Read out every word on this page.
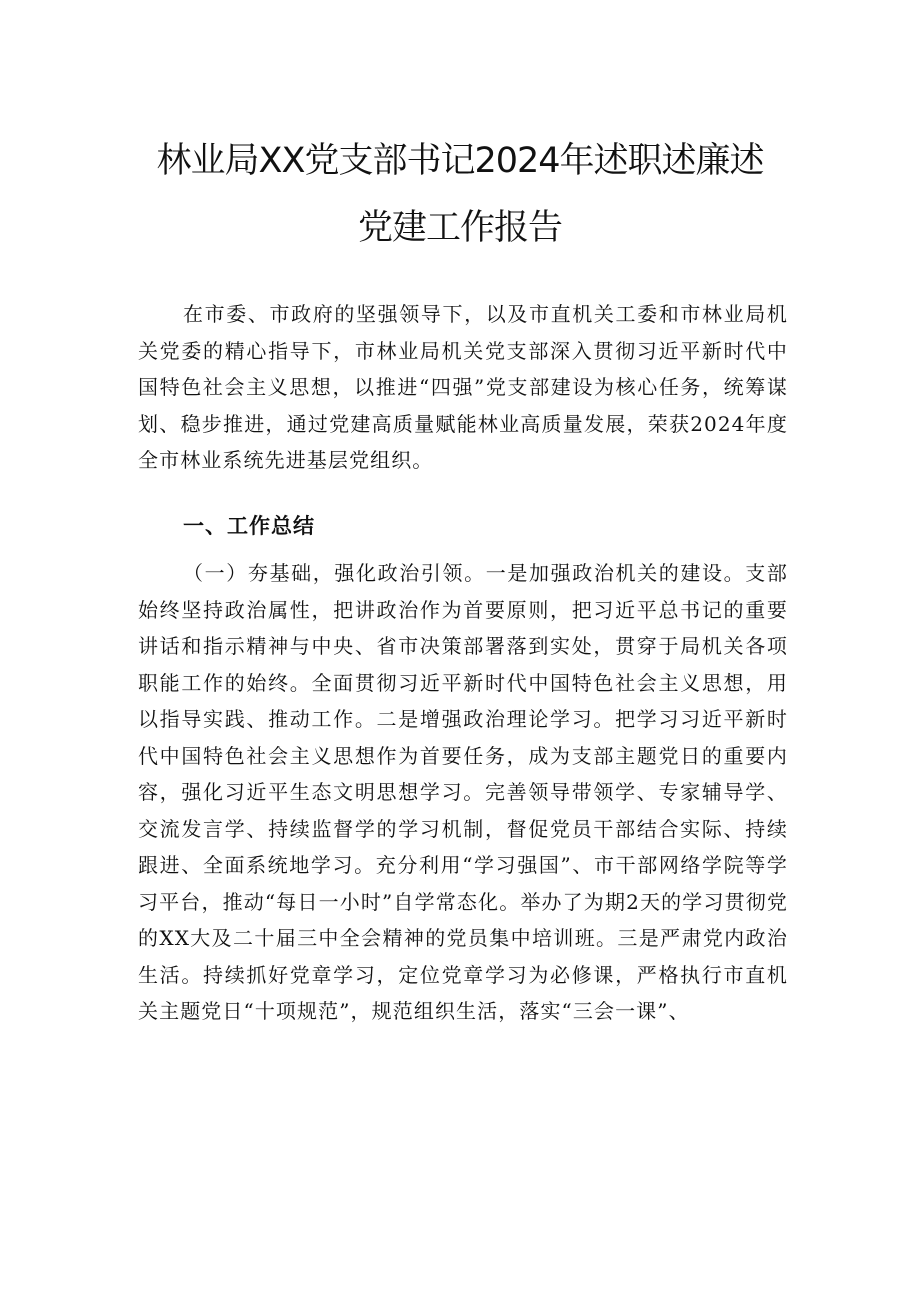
林业局XX党支部书记2024年述职述廉述
党建工作报告

在市委、市政府的坚强领导下，以及市直机关工委和市林业局机关党委的精心指导下，市林业局机关党支部深入贯彻习近平新时代中国特色社会主义思想，以推进“四强”党支部建设为核心任务，统筹谋划、稳步推进，通过党建高质量赋能林业高质量发展，荣获2024年度全市林业系统先进基层党组织。

一、工作总结

（一）夯基础，强化政治引领。一是加强政治机关的建设。支部始终坚持政治属性，把讲政治作为首要原则，把习近平总书记的重要讲话和指示精神与中央、省市决策部署落到实处，贯穿于局机关各项职能工作的始终。全面贯彻习近平新时代中国特色社会主义思想，用以指导实践、推动工作。二是增强政治理论学习。把学习习近平新时代中国特色社会主义思想作为首要任务，成为支部主题党日的重要内容，强化习近平生态文明思想学习。完善领导带领学、专家辅导学、交流发言学、持续监督学的学习机制，督促党员干部结合实际、持续跟进、全面系统地学习。充分利用“学习强国”、市干部网络学院等学习平台，推动“每日一小时”自学常态化。举办了为期2天的学习贯彻党的XX大及二十届三中全会精神的党员集中培训班。三是严肃党内政治生活。持续抓好党章学习，定位党章学习为必修课，严格执行市直机关主题党日“十项规范”，规范组织生活，落实“三会一课”、
